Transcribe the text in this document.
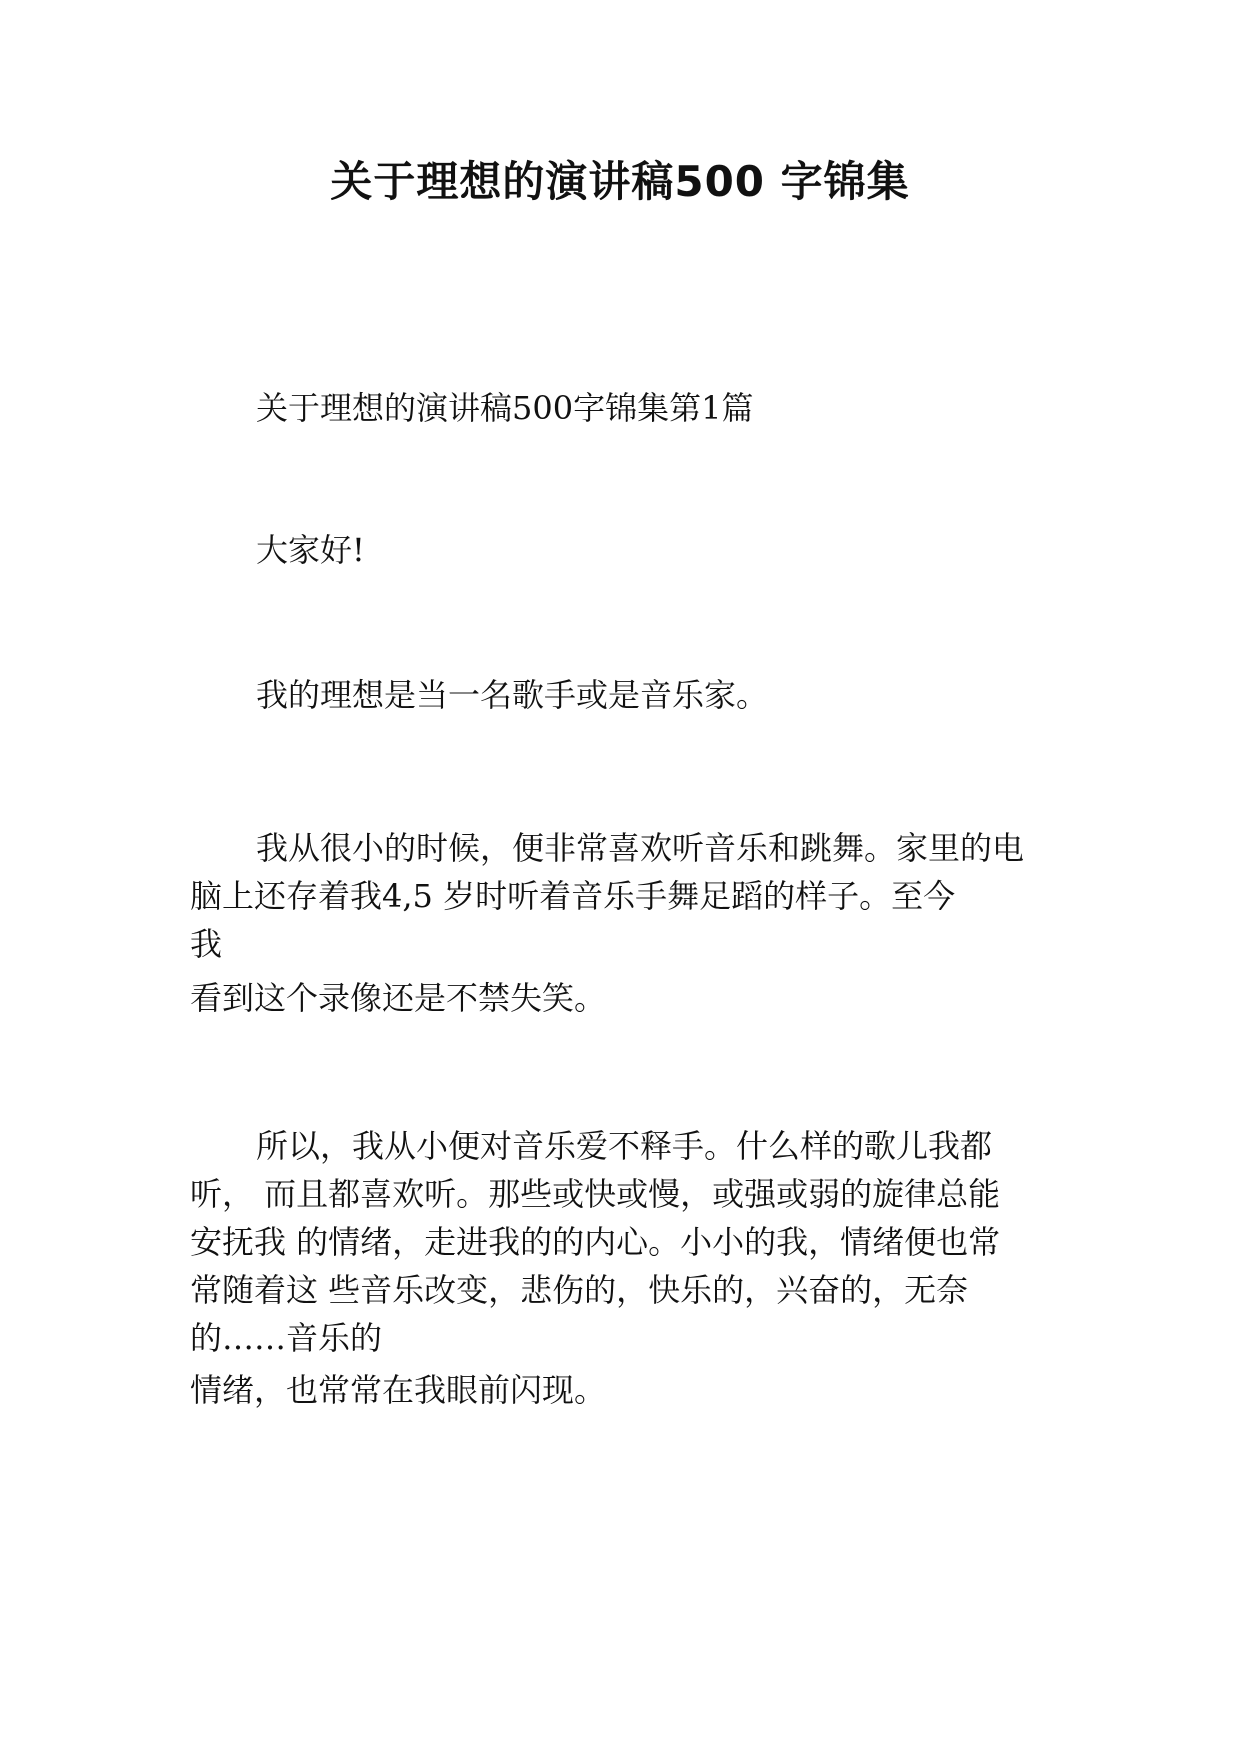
关于理想的演讲稿500 字锦集

关于理想的演讲稿500字锦集第1篇

大家好!

我的理想是当一名歌手或是音乐家。

我从很小的时候，便非常喜欢听音乐和跳舞。家里的电
脑上还存着我4,5 岁时听着音乐手舞足蹈的样子。至今
我

看到这个录像还是不禁失笑。

所以，我从小便对音乐爱不释手。什么样的歌儿我都
听， 而且都喜欢听。那些或快或慢，或强或弱的旋律总能
安抚我 的情绪，走进我的的内心。小小的我，情绪便也常
常随着这 些音乐改变，悲伤的，快乐的，兴奋的，无奈
的……音乐的

情绪，也常常在我眼前闪现。
